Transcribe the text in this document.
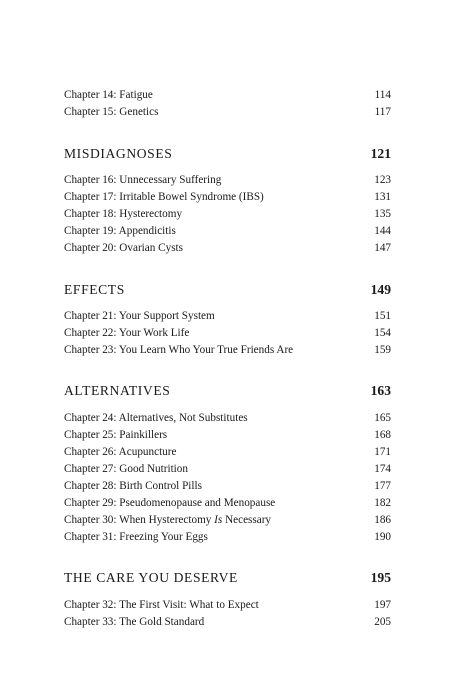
Chapter 14: Fatigue	114
Chapter 15: Genetics	117
MISDIAGNOSES	121
Chapter 16: Unnecessary Suffering	123
Chapter 17: Irritable Bowel Syndrome (IBS)	131
Chapter 18: Hysterectomy	135
Chapter 19: Appendicitis	144
Chapter 20: Ovarian Cysts	147
EFFECTS	149
Chapter 21: Your Support System	151
Chapter 22: Your Work Life	154
Chapter 23: You Learn Who Your True Friends Are	159
ALTERNATIVES	163
Chapter 24: Alternatives, Not Substitutes	165
Chapter 25: Painkillers	168
Chapter 26: Acupuncture	171
Chapter 27: Good Nutrition	174
Chapter 28: Birth Control Pills	177
Chapter 29: Pseudomenopause and Menopause	182
Chapter 30: When Hysterectomy Is Necessary	186
Chapter 31: Freezing Your Eggs	190
THE CARE YOU DESERVE	195
Chapter 32: The First Visit: What to Expect	197
Chapter 33: The Gold Standard	205
